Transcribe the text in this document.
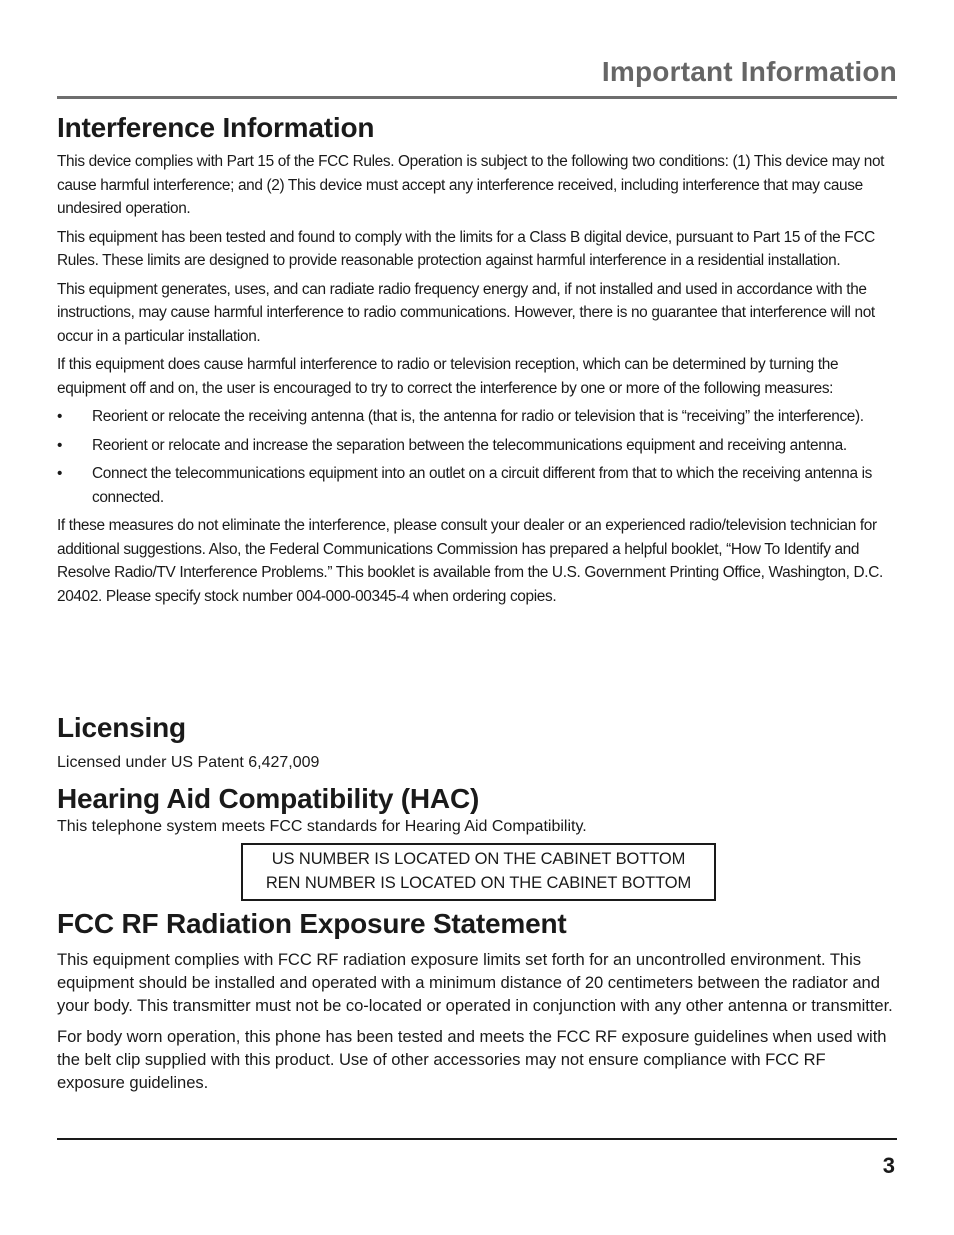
Important Information
Interference Information

This device complies with Part 15 of the FCC Rules. Operation is subject to the following two conditions: (1) This device may not cause harmful interference; and (2) This device must accept any interference received, including interference that may cause undesired operation.

This equipment has been tested and found to comply with the limits for a Class B digital device, pursuant to Part 15 of the FCC Rules. These limits are designed to provide reasonable protection against harmful interference in a residential installation.

This equipment generates, uses, and can radiate radio frequency energy and, if not installed and used in accordance with the instructions, may cause harmful interference to radio communications. However, there is no guarantee that interference will not occur in a particular installation.

If this equipment does cause harmful interference to radio or television reception, which can be determined by turning the equipment off and on, the user is encouraged to try to correct the interference by one or more of the following measures:

•	Reorient or relocate the receiving antenna (that is, the antenna for radio or television that is “receiving” the interference).
•	Reorient or relocate and increase the separation between the telecommunications equipment and receiving antenna.
•	Connect the telecommunications equipment into an outlet on a circuit different from that to which the receiving antenna is connected.

If these measures do not eliminate the interference, please consult your dealer or an experienced radio/television technician for additional suggestions. Also, the Federal Communications Commission has prepared a helpful booklet, “How To Identify and Resolve Radio/TV Interference Problems.” This booklet is available from the U.S. Government Printing Office, Washington, D.C. 20402. Please specify stock number 004-000-00345-4 when ordering copies.

Licensing

Licensed under US Patent 6,427,009

Hearing Aid Compatibility (HAC)

This telephone system meets FCC standards for Hearing Aid Compatibility.

US NUMBER IS LOCATED ON THE CABINET BOTTOM
REN NUMBER IS LOCATED ON THE CABINET BOTTOM
FCC RF Radiation Exposure Statement

This equipment complies with FCC RF radiation exposure limits set forth for an uncontrolled environment. This equipment should be installed and operated with a minimum distance of 20 centimeters between the radiator and your body. This transmitter must not be co-located or operated in conjunction with any other antenna or transmitter.

For body worn operation, this phone has been tested and meets the FCC RF exposure guidelines when used with the belt clip supplied with this product. Use of other accessories may not ensure compliance with FCC RF exposure guidelines.

3
